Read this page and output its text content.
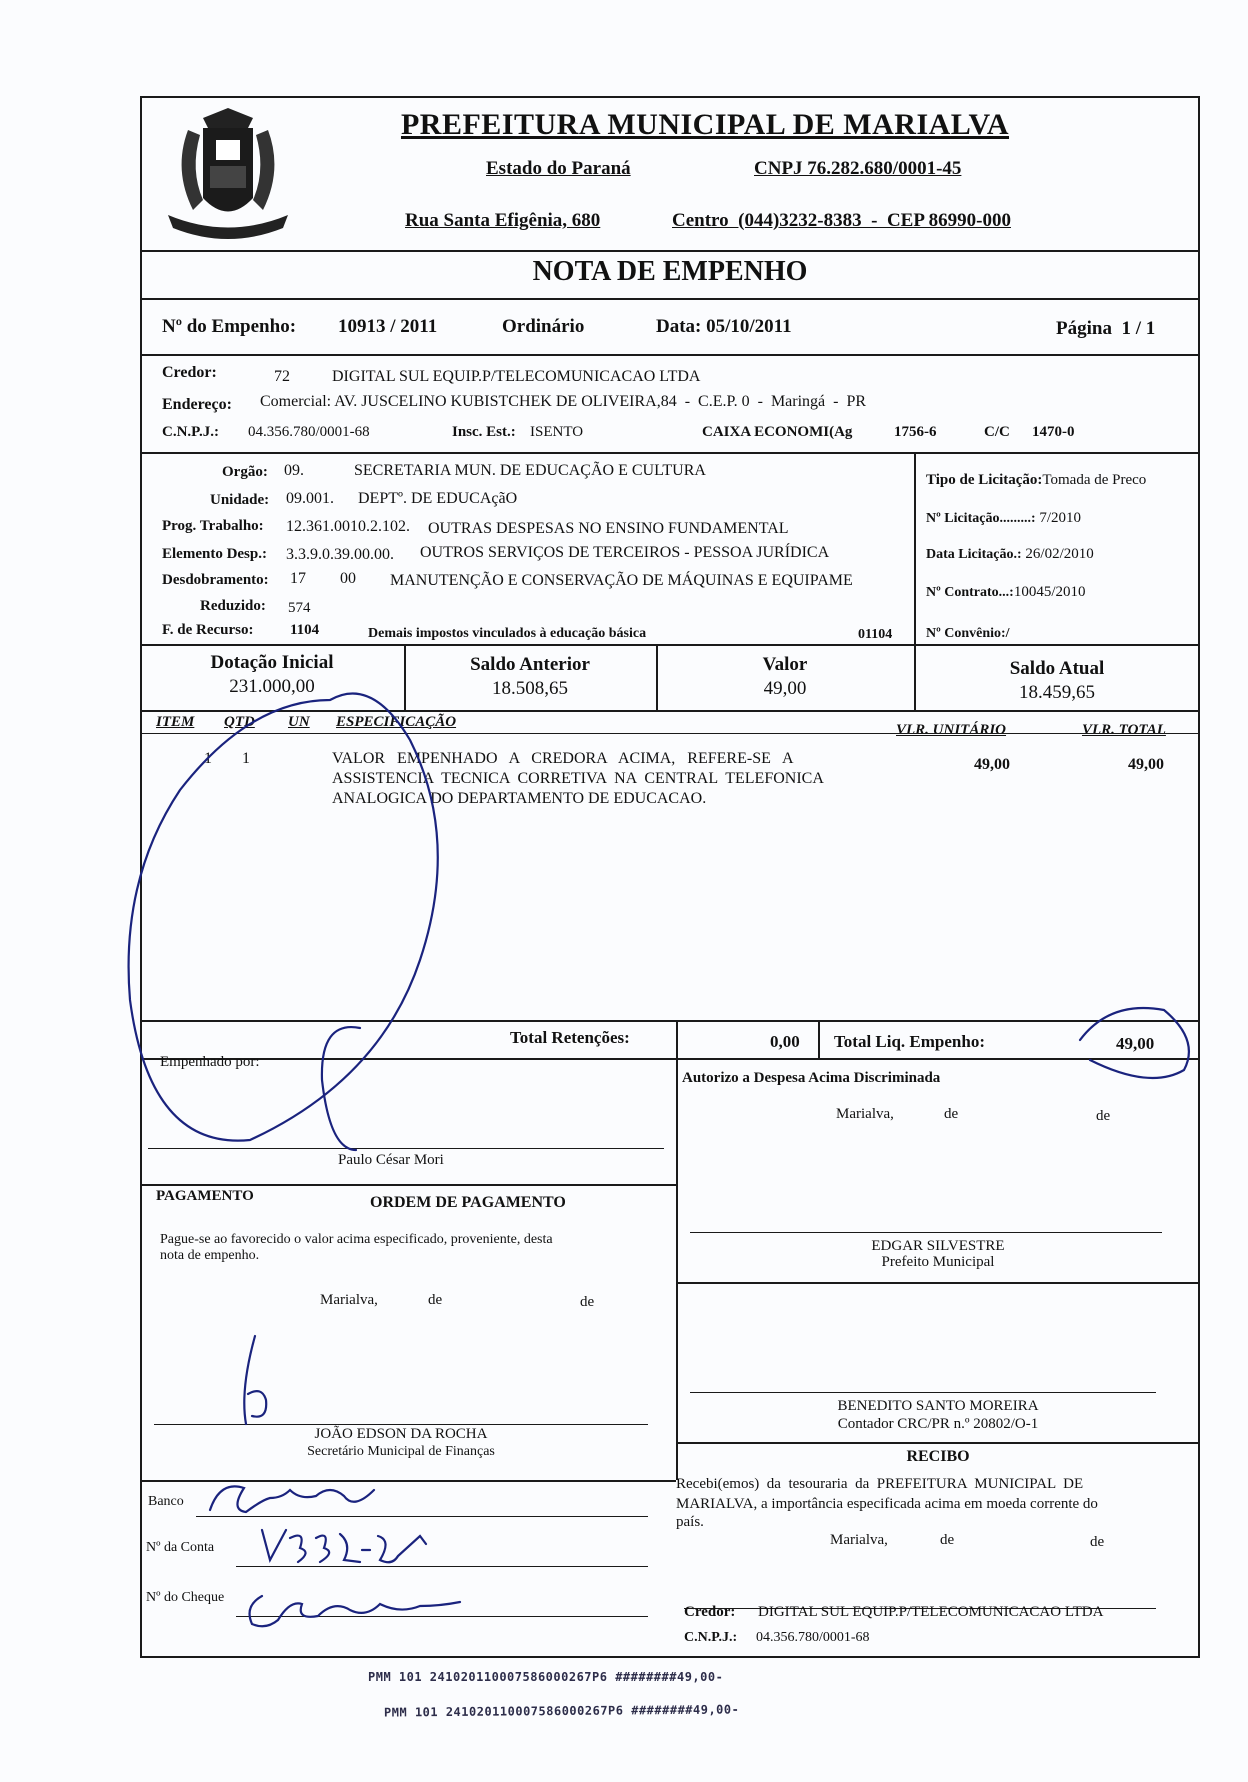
PREFEITURA MUNICIPAL DE MARIALVA
Estado do Paraná	CNPJ 76.282.680/0001-45
Rua Santa Efigênia, 680	Centro  (044)3232-8383  -  CEP 86990-000
NOTA DE EMPENHO
Nº do Empenho: 10913 / 2011	Ordinário	Data: 05/10/2011	Página  1 / 1
Credor:	72	DIGITAL SUL EQUIP.P/TELECOMUNICACAO LTDA
Endereço: Comercial: AV. JUSCELINO KUBISTCHEK DE OLIVEIRA,84  -  C.E.P. 0  -  Maringá  -  PR
C.N.P.J.: 04.356.780/0001-68	Insc. Est.: ISENTO	CAIXA ECONOMI(Ag	1756-6	C/C 1470-0
Orgão: 09.	SECRETARIA MUN. DE EDUCAÇÃO E CULTURA
Unidade: 09.001. DEPTº. DE EDUCAçãO
Prog. Trabalho: 12.361.0010.2.102. OUTRAS DESPESAS NO ENSINO FUNDAMENTAL
Elemento Desp.: 3.3.9.0.39.00.00. OUTROS SERVIÇOS DE TERCEIROS - PESSOA JURÍDICA
Desdobramento: 17 00 MANUTENÇÃO E CONSERVAÇÃO DE MÁQUINAS E EQUIPAME
Reduzido: 574
F. de Recurso: 1104	Demais impostos vinculados à educação básica	01104
Tipo de Licitação:Tomada de Preco
Nº Licitação.........: 7/2010
Data Licitação.: 26/02/2010
Nº Contrato...:10045/2010
Nº Convênio:/
Dotação Inicial
231.000,00
Saldo Anterior
18.508,65
Valor
49,00
Saldo Atual
18.459,65
ITEM QTD UN ESPECIFICAÇÃO	VLR. UNITÁRIO	VLR. TOTAL
1 1	VALOR   EMPENHADO   A   CREDORA   ACIMA,   REFERE-SE   A
ASSISTENCIA  TECNICA  CORRETIVA  NA  CENTRAL  TELEFONICA
ANALOGICA DO DEPARTAMENTO DE EDUCACAO.
49,00	49,00
Total Retenções:	0,00 Total Liq. Empenho:	49,00
Empenhado por:
Paulo César Mori
Autorizo a Despesa Acima Discriminada
Marialva,	de	de
PAGAMENTO	ORDEM DE PAGAMENTO
Pague-se ao favorecido o valor acima especificado, proveniente, desta
nota de empenho.
Marialva,	de	de
JOÃO EDSON DA ROCHA
Secretário Municipal de Finanças
EDGAR SILVESTRE
Prefeito Municipal
BENEDITO SANTO MOREIRA
Contador CRC/PR n.º 20802/O-1
RECIBO
Recebi(emos)  da  tesouraria  da  PREFEITURA  MUNICIPAL  DE
MARIALVA, a importância especificada acima em moeda corrente do
país.
Marialva,	de	de
Credor: DIGITAL SUL EQUIP.P/TELECOMUNICACAO LTDA
C.N.P.J.: 04.356.780/0001-68
Banco
Nº da Conta
Nº do Cheque
PMM 101 241020110007586000267P6 ########49,00-
PMM 101 241020110007586000267P6 ########49,00-
